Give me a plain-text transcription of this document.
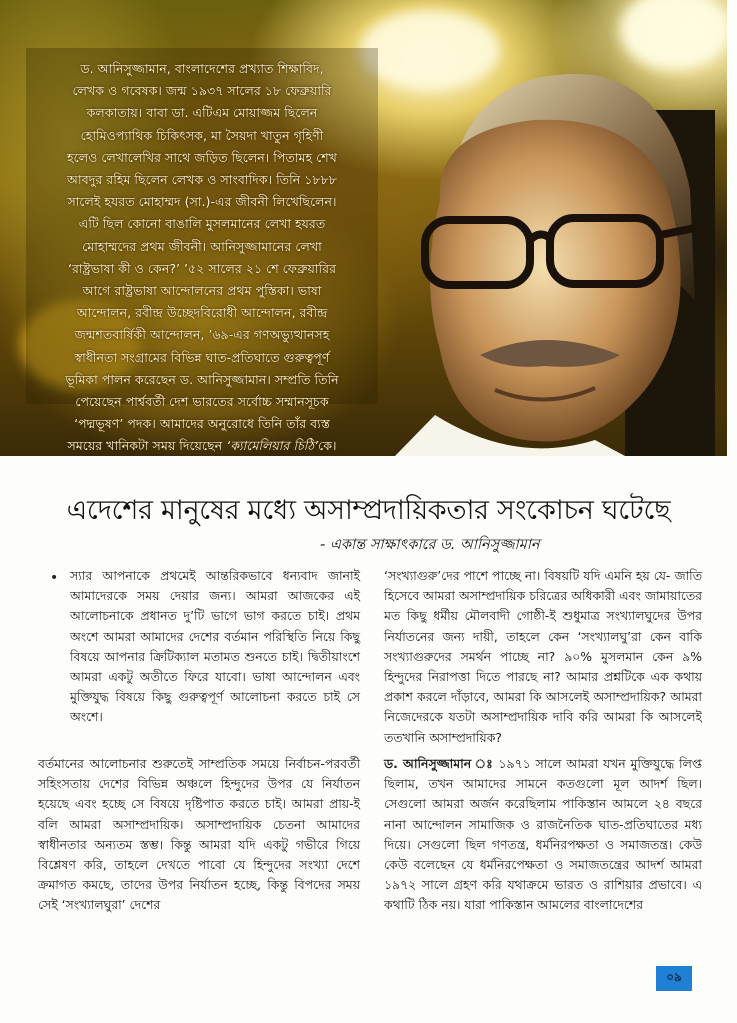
ড. আনিসুজ্জামান, বাংলাদেশের প্রখ্যাত শিক্ষাবিদ,
লেখক ও গবেষক। জন্ম ১৯৩৭ সালের ১৮ ফেব্রুয়ারি
কলকাতায়। বাবা ডা. এটিএম মোয়াজ্জম ছিলেন
হোমিওপ্যাথিক চিকিৎসক, মা সৈয়দা খাতুন গৃহিণী
হলেও লেখালেখির সাথে জড়িত ছিলেন। পিতামহ শেখ
আবদুর রহিম ছিলেন লেখক ও সাংবাদিক। তিনি ১৮৮৮
সালেই হযরত মোহাম্মদ (সা.)-এর জীবনী লিখেছিলেন।
এটি ছিল কোনো বাঙালি মুসলমানের লেখা হযরত
মোহাম্মদের প্রথম জীবনী। আনিসুজ্জামানের লেখা
‘রাষ্ট্রভাষা কী ও কেন?’ ’৫২ সালের ২১ শে ফেব্রুয়ারির
আগে রাষ্ট্রভাষা আন্দোলনের প্রথম পুস্তিকা। ভাষা
আন্দোলন, রবীন্দ্র উচ্ছেদবিরোধী আন্দোলন, রবীন্দ্র
জন্মশতবার্ষিকী আন্দোলন, ’৬৯-এর গণঅভ্যুত্থানসহ
স্বাধীনতা সংগ্রামের বিভিন্ন ঘাত-প্রতিঘাতে গুরুত্বপূর্ণ
ভূমিকা পালন করেছেন ড. আনিসুজ্জামান। সম্প্রতি তিনি
পেয়েছেন পার্শ্ববর্তী দেশ ভারতের সর্বোচ্চ সম্মানসূচক
‘পদ্মভূষণ’ পদক। আমাদের অনুরোধে তিনি তাঁর ব্যস্ত
সময়ের খানিকটা সময় দিয়েছেন ‘ক্যামেলিয়ার চিঠি’কে।

এদেশের মানুষের মধ্যে অসাম্প্রদায়িকতার সংকোচন ঘটেছে
- একান্ত সাক্ষাৎকারে ড. আনিসুজ্জামান
• স্যার আপনাকে প্রথমেই আন্তরিকভাবে ধন্যবাদ জানাই আমাদেরকে সময় দেয়ার জন্য। আমরা আজকের এই আলোচনাকে প্রধানত দু’টি ভাগে ভাগ করতে চাই। প্রথম অংশে আমরা আমাদের দেশের বর্তমান পরিস্থিতি নিয়ে কিছু বিষয়ে আপনার ক্রিটিক্যাল মতামত শুনতে চাই। দ্বিতীয়াংশে আমরা একটু অতীতে ফিরে যাবো। ভাষা আন্দোলন এবং মুক্তিযুদ্ধ বিষয়ে কিছু গুরুত্বপূর্ণ আলোচনা করতে চাই সে অংশে।

বর্তমানের আলোচনার শুরুতেই সাম্প্রতিক সময়ে নির্বাচন-পরবর্তী সহিংসতায় দেশের বিভিন্ন অঞ্চলে হিন্দুদের উপর যে নির্যাতন হয়েছে এবং হচ্ছে সে বিষয়ে দৃষ্টিপাত করতে চাই। আমরা প্রায়-ই বলি আমরা অসাম্প্রদায়িক। অসাম্প্রদায়িক চেতনা আমাদের স্বাধীনতার অন্যতম স্তম্ভ। কিন্তু আমরা যদি একটু গভীরে গিয়ে বিশ্লেষণ করি, তাহলে দেখতে পাবো যে হিন্দুদের সংখ্যা দেশে ক্রমাগত কমছে, তাদের উপর নির্যাতন হচ্ছে, কিন্তু বিপদের সময় সেই ‘সংখ্যালঘুরা’ দেশের

‘সংখ্যাগুরু’দের পাশে পাচ্ছে না। বিষয়টি যদি এমনি হয় যে- জাতি হিসেবে আমরা অসাম্প্রদায়িক চরিত্রের অধিকারী এবং জামায়াতের মত কিছু ধর্মীয় মৌলবাদী গোষ্ঠী-ই শুধুমাত্র সংখ্যালঘুদের উপর নির্যাতনের জন্য দায়ী, তাহলে কেন ‘সংখ্যালঘু’রা কেন বাকি সংখ্যাগুরুদের সমর্থন পাচ্ছে না? ৯০% মুসলমান কেন ৯% হিন্দুদের নিরাপত্তা দিতে পারছে না? আমার প্রশ্নটিকে এক কথায় প্রকাশ করলে দাঁড়াবে, আমরা কি আসলেই অসাম্প্রদায়িক? আমরা নিজেদেরকে যতটা অসাম্প্রদায়িক দাবি করি আমরা কি আসলেই ততখানি অসাম্প্রদায়িক?

ড. আনিসুজ্জামান ঃ ১৯৭১ সালে আমরা যখন মুক্তিযুদ্ধে লিপ্ত ছিলাম, তখন আমাদের সামনে কতগুলো মূল আদর্শ ছিল। সেগুলো আমরা অর্জন করেছিলাম পাকিস্তান আমলে ২৪ বছরে নানা আন্দোলন সামাজিক ও রাজনৈতিক ঘাত-প্রতিঘাতের মধ্য দিয়ে। সেগুলো ছিল গণতন্ত্র, ধর্মনিরপক্ষতা ও সমাজতন্ত্র। কেউ কেউ বলেছেন যে ধর্মনিরপেক্ষতা ও সমাজতন্ত্রের আদর্শ আমরা ১৯৭২ সালে গ্রহণ করি যথাক্রমে ভারত ও রাশিয়ার প্রভাবে। এ কথাটি ঠিক নয়। যারা পাকিস্তান আমলের বাংলাদেশের

০৯
